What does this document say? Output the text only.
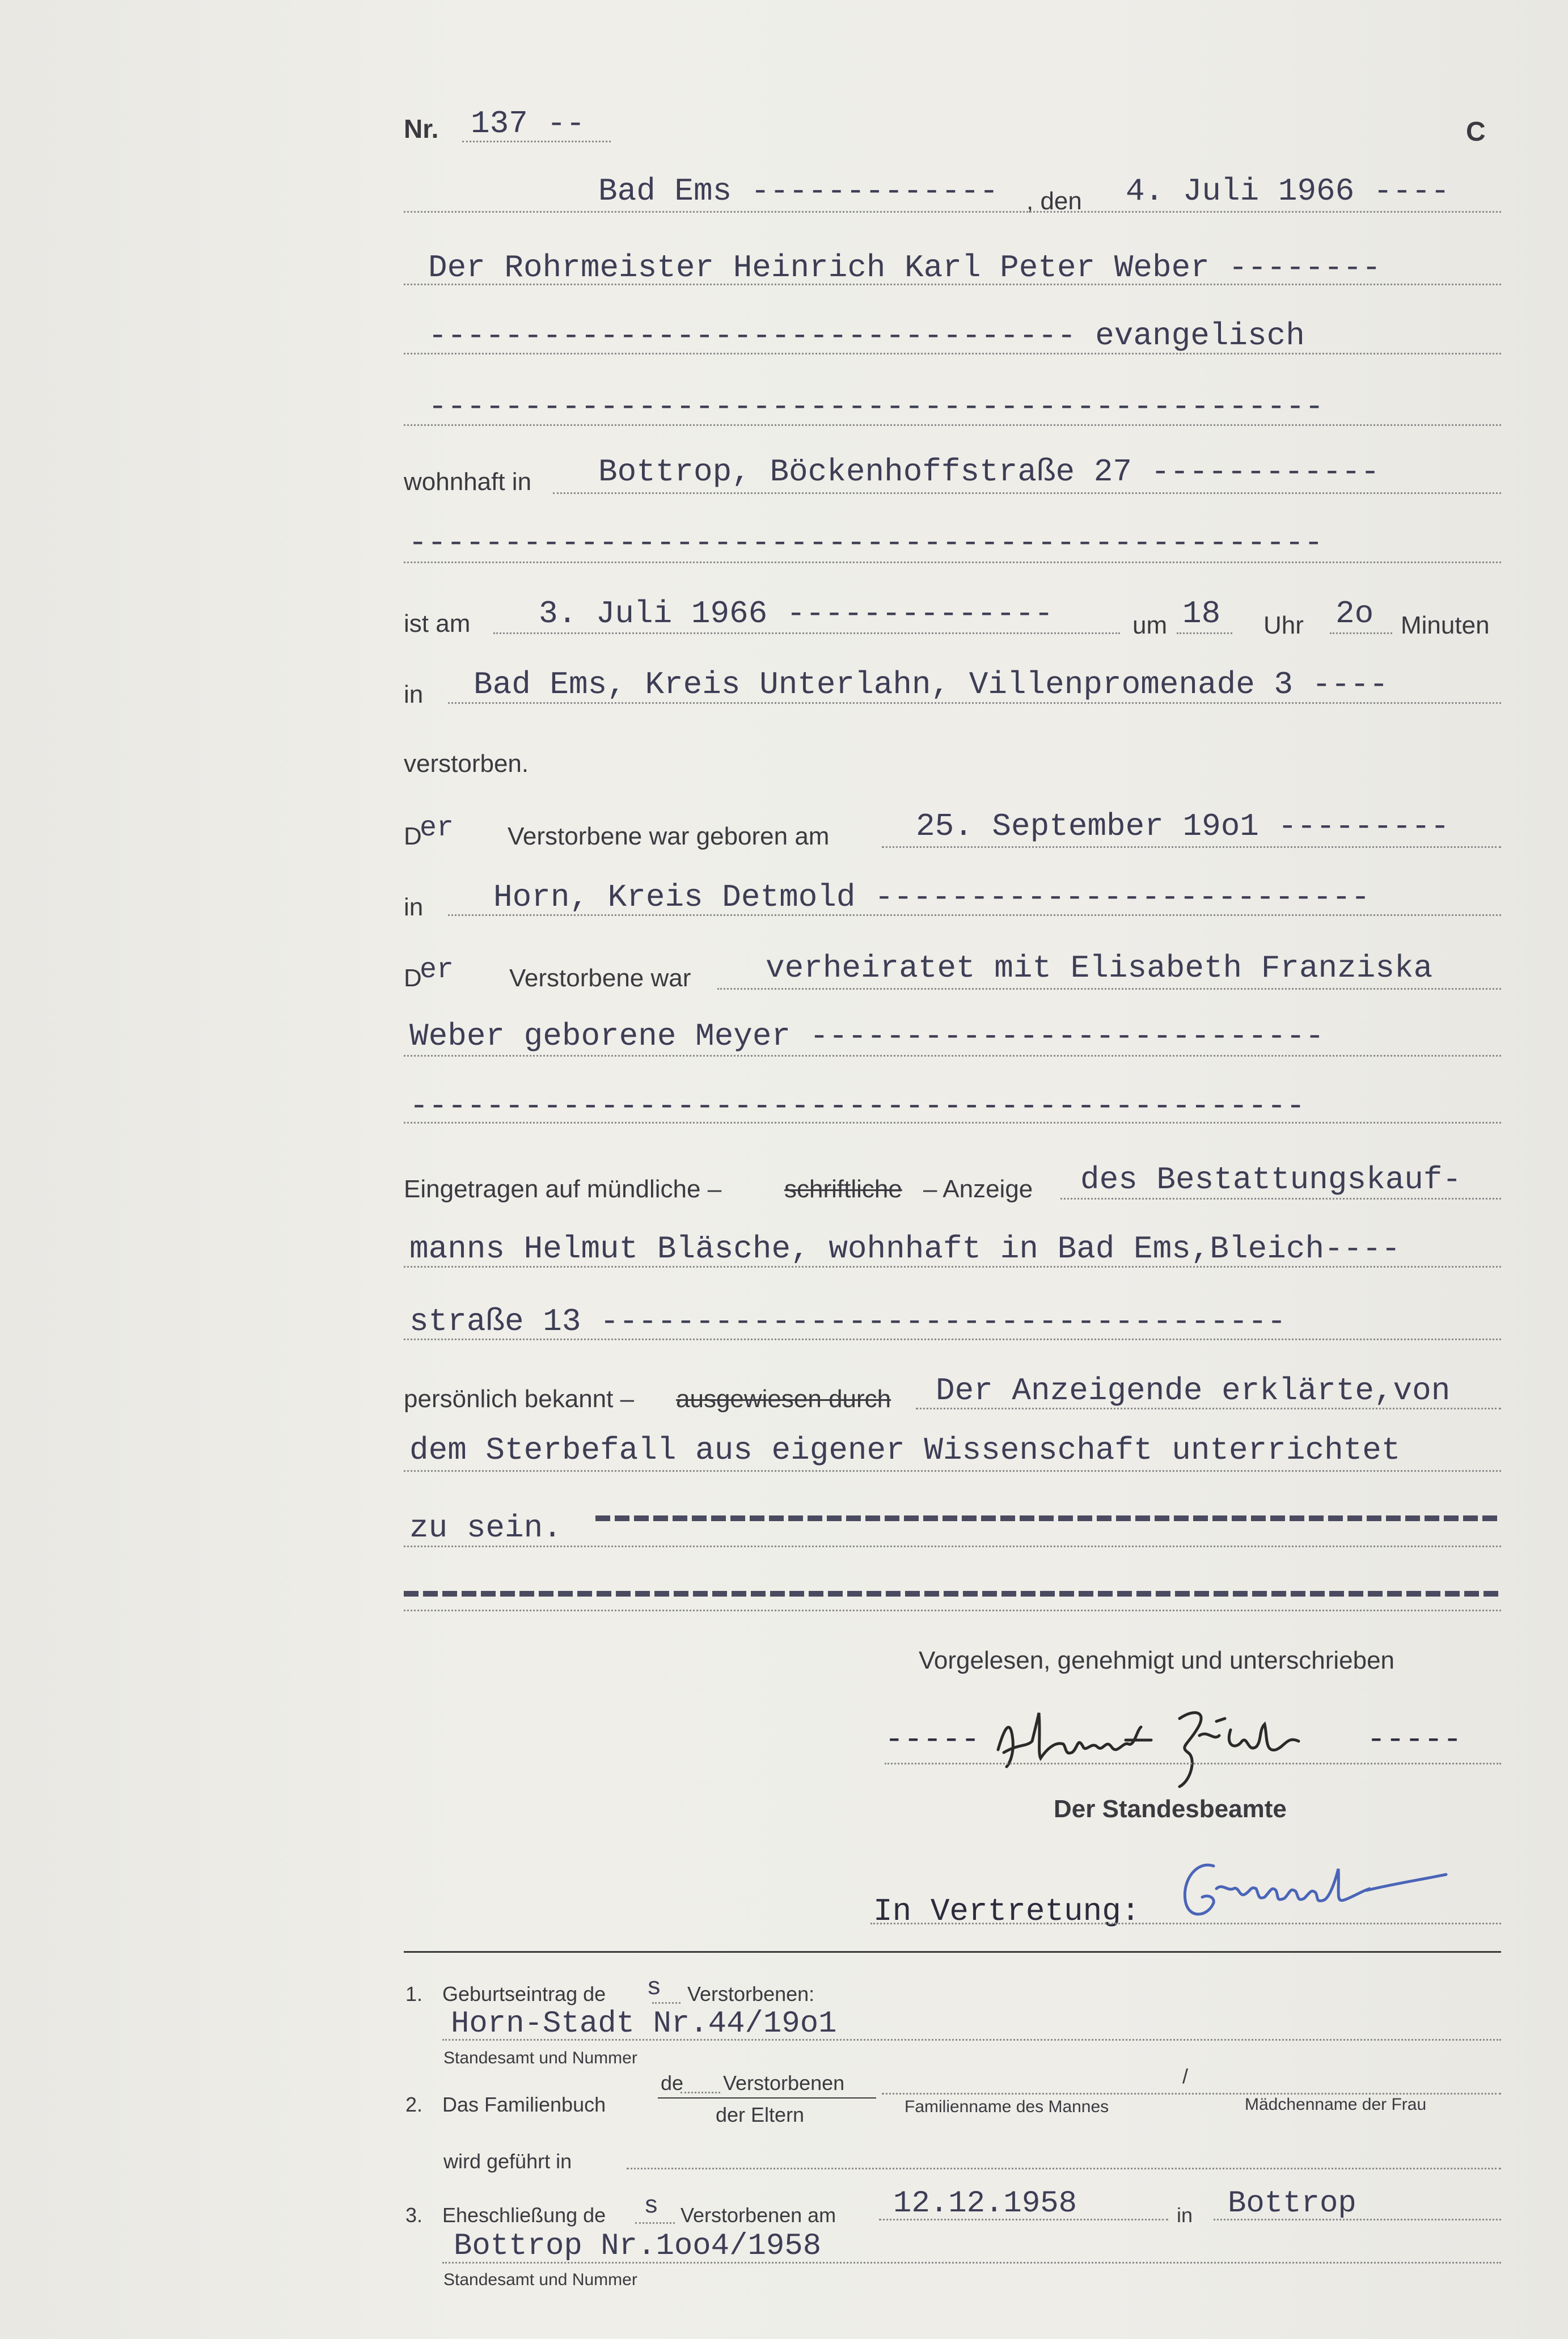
Nr. 137 --	C
Bad Ems ------------- , den 4. Juli 1966 ----
Der Rohrmeister Heinrich Karl Peter Weber --------
---------------------------------- evangelisch
-----------------------------------------------
wohnhaft in Bottrop, Böckenhoffstraße 27 ------------
------------------------------------------------
ist am 3. Juli 1966 --------------	um 18 Uhr 2o Minuten
in Bad Ems, Kreis Unterlahn, Villenpromenade 3 ----
verstorben.
D
er Verstorbene war geboren am	25. September 19o1 ---------
in Horn, Kreis Detmold --------------------------
D
er Verstorbene war verheiratet mit Elisabeth Franziska
Weber geborene Meyer ---------------------------
-----------------------------------------------
Eingetragen auf mündliche –	schriftliche – Anzeige des Bestattungskauf-
manns Helmut Bläsche, wohnhaft in Bad Ems,Bleich----
straße 13 ------------------------------------
persönlich bekannt – ausgewiesen durch Der Anzeigende erklärte,von
dem Sterbefall aus eigener Wissenschaft unterrichtet
zu sein.
Vorgelesen, genehmigt und unterschrieben
-----	-----
Der Standesbeamte
In Vertretung:
1. Geburtseintrag de s Verstorbenen:
Horn-Stadt Nr.44/19o1
Standesamt und Nummer
2. Das Familienbuch
de Verstorbenen
der Eltern
/
Familienname des Mannes	Mädchenname der Frau
wird geführt in
3. Eheschließung de s Verstorbenen am 12.12.1958	in Bottrop
Bottrop Nr.1oo4/1958
Standesamt und Nummer
